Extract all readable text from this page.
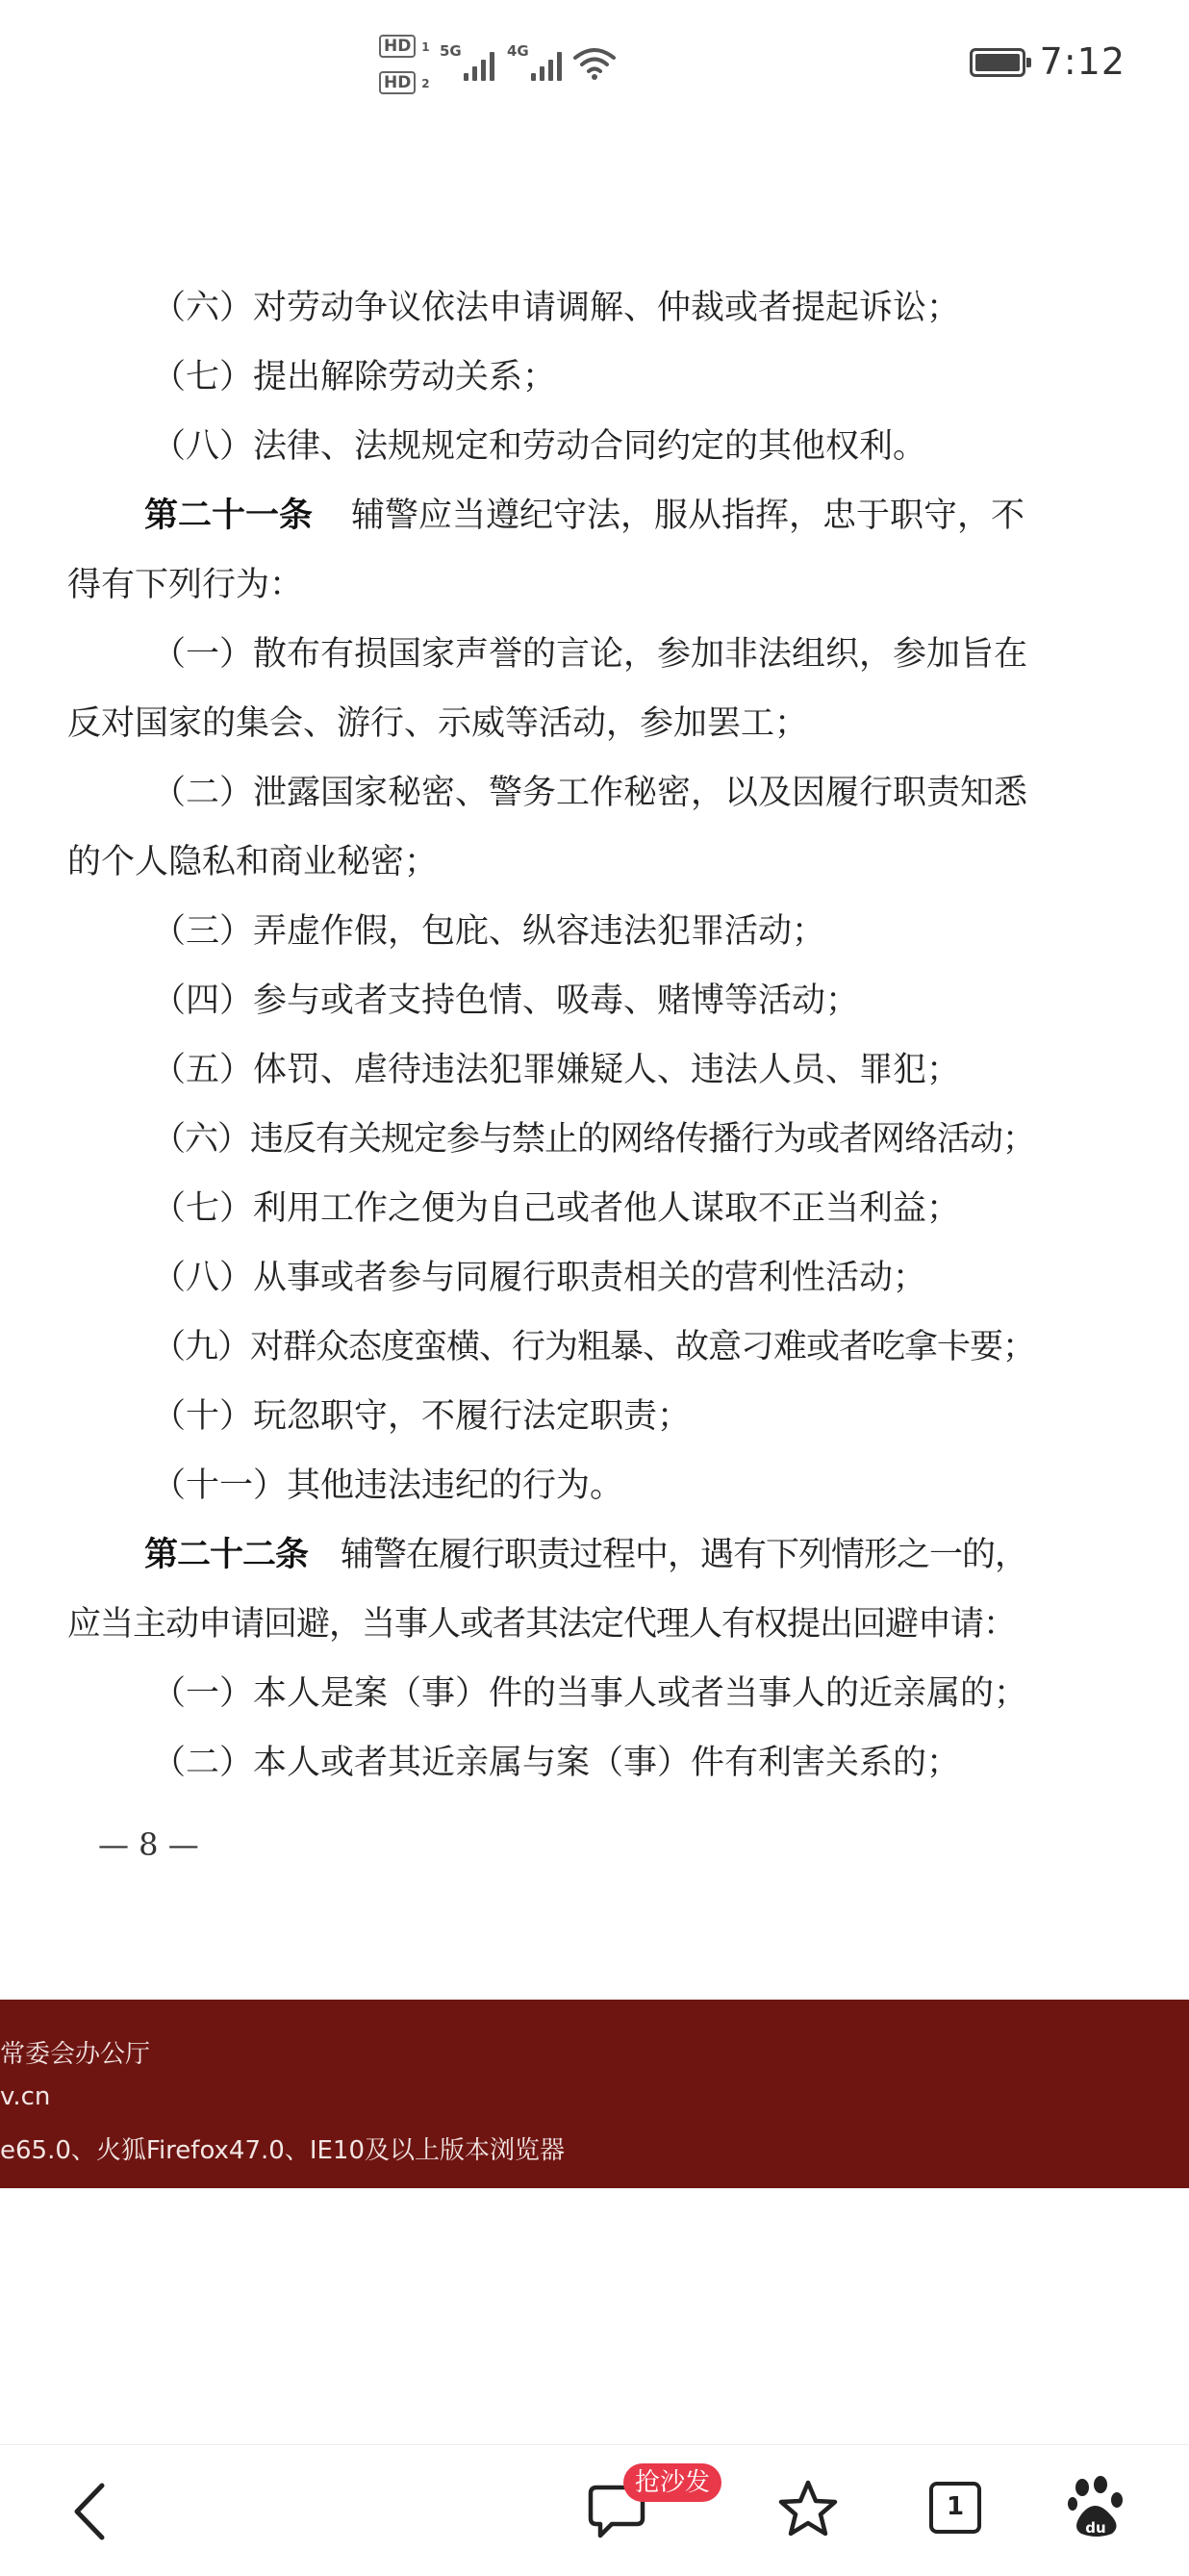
HD 1
HD 2
5G	4G	7:12
（六）对劳动争议依法申请调解、仲裁或者提起诉讼；
（七）提出解除劳动关系；
（八）法律、法规规定和劳动合同约定的其他权利。
第二十一条 辅警应当遵纪守法，服从指挥，忠于职守，不
得有下列行为：
（一）散布有损国家声誉的言论，参加非法组织，参加旨在
反对国家的集会、游行、示威等活动，参加罢工；
（二）泄露国家秘密、警务工作秘密，以及因履行职责知悉
的个人隐私和商业秘密；
（三）弄虚作假，包庇、纵容违法犯罪活动；
（四）参与或者支持色情、吸毒、赌博等活动；
（五）体罚、虐待违法犯罪嫌疑人、违法人员、罪犯；
（六）违反有关规定参与禁止的网络传播行为或者网络活动；
（七）利用工作之便为自己或者他人谋取不正当利益；
（八）从事或者参与同履行职责相关的营利性活动；
（九）对群众态度蛮横、行为粗暴、故意刁难或者吃拿卡要；
（十）玩忽职守，不履行法定职责；
（十一）其他违法违纪的行为。
第二十二条 辅警在履行职责过程中，遇有下列情形之一的，
应当主动申请回避，当事人或者其法定代理人有权提出回避申请：
（一）本人是案（事）件的当事人或者当事人的近亲属的；
（二）本人或者其近亲属与案（事）件有利害关系的；
— 8 —
常委会办公厅
v.cn
e65.0、火狐Firefox47.0、IE10及以上版本浏览器
1
du
抢沙发
